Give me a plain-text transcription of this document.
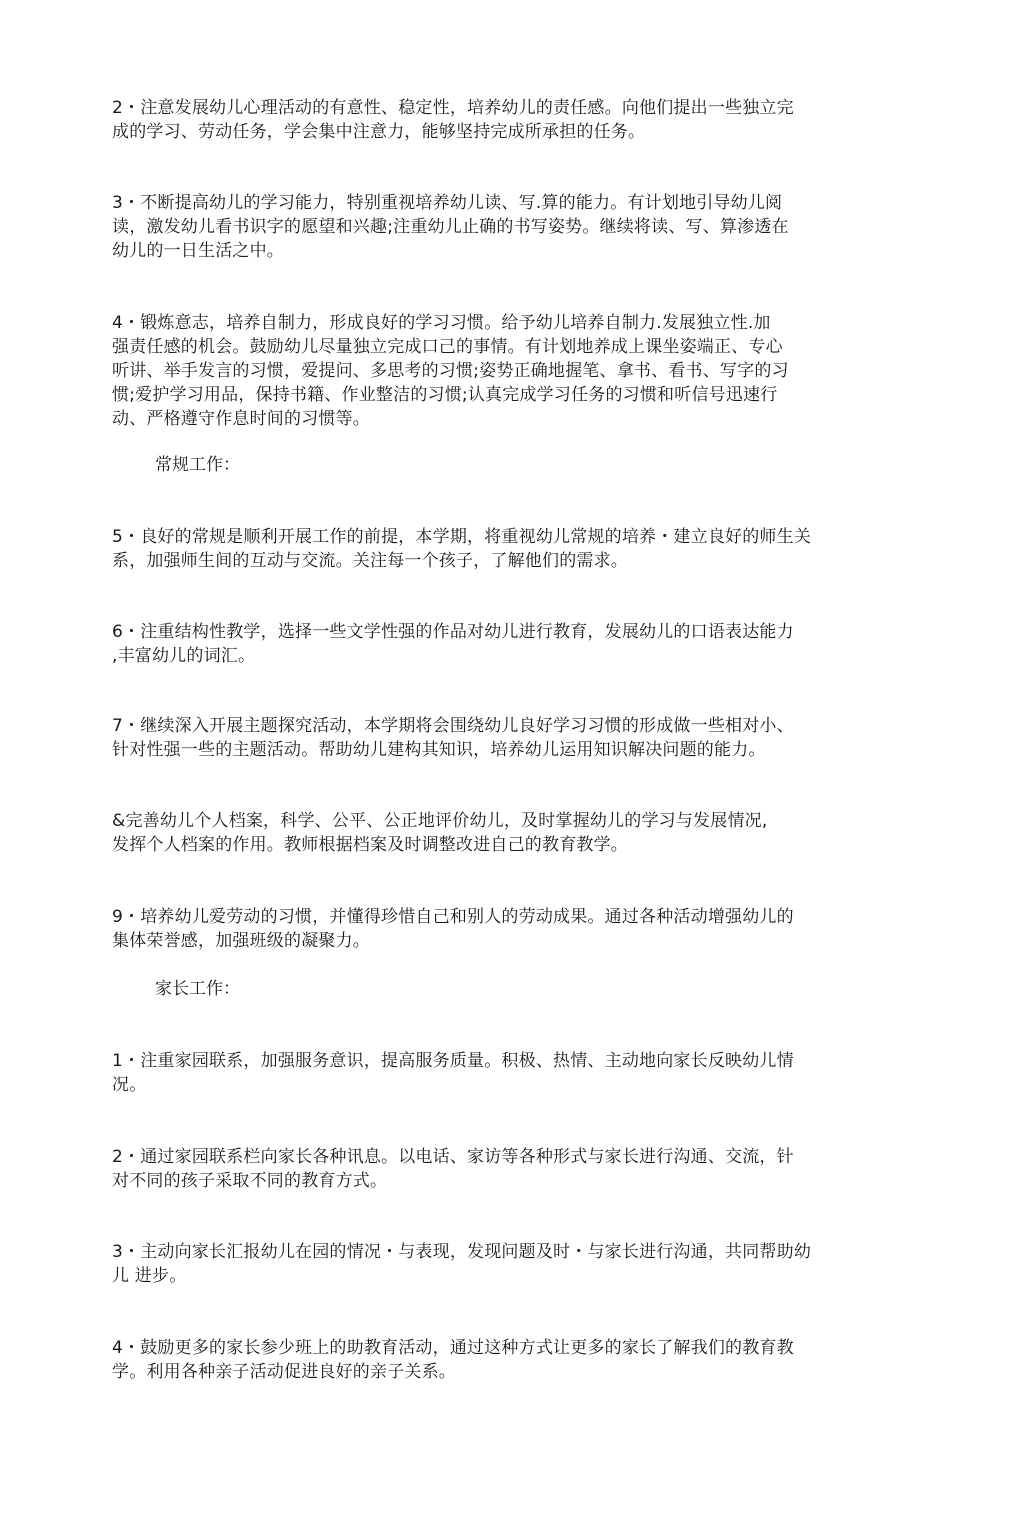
2・注意发展幼儿心理活动的有意性、稳定性，培养幼儿的责任感。向他们提出一些独立完
成的学习、劳动任务，学会集中注意力，能够坚持完成所承担的任务。

3・不断提高幼儿的学习能力，特别重视培养幼儿读、写.算的能力。有计划地引导幼儿阅
读，激发幼儿看书识字的愿望和兴趣;注重幼儿止确的书写姿势。继续将读、写、算渗透在
幼儿的一日生活之中。

4・锻炼意志，培养自制力，形成良好的学习习惯。给予幼儿培养自制力.发展独立性.加
强责任感的机会。鼓励幼儿尽量独立完成口己的事情。有计划地养成上课坐姿端正、专心
听讲、举手发言的习惯，爱提问、多思考的习惯;姿势正确地握笔、拿书、看书、写字的习
惯;爱护学习用品，保持书籍、作业整洁的习惯;认真完成学习任务的习惯和听信号迅速行
动、严格遵守作息时间的习惯等。

常规工作：

5・良好的常规是顺利开展工作的前提，本学期，将重视幼儿常规的培养・建立良好的师生关
系，加强师生间的互动与交流。关注每一个孩子，了解他们的需求。

6・注重结构性教学，选择一些文学性强的作品对幼儿进行教育，发展幼儿的口语表达能力
,丰富幼儿的词汇。

7・继续深入开展主题探究活动，本学期将会围绕幼儿良好学习习惯的形成做一些相对小、
针对性强一些的主题活动。帮助幼儿建构其知识，培养幼儿运用知识解决问题的能力。

&完善幼儿个人档案，科学、公平、公正地评价幼儿，及时掌握幼儿的学习与发展情况,
发挥个人档案的作用。教师根据档案及时调整改进自己的教育教学。

9・培养幼儿爱劳动的习惯，并懂得珍惜自己和别人的劳动成果。通过各种活动增强幼儿的
集体荣誉感，加强班级的凝聚力。

家长工作：

1・注重家园联系，加强服务意识，提高服务质量。积极、热情、主动地向家长反映幼儿情
况。

2・通过家园联系栏向家长各种讯息。以电话、家访等各种形式与家长进行沟通、交流，针
对不同的孩子采取不同的教育方式。

3・主动向家长汇报幼儿在园的情况・与表现，发现问题及时・与家长进行沟通，共同帮助幼
儿 进步。

4・鼓励更多的家长参少班上的助教育活动，通过这种方式让更多的家长了解我们的教育教
学。利用各种亲子活动促进良好的亲子关系。
